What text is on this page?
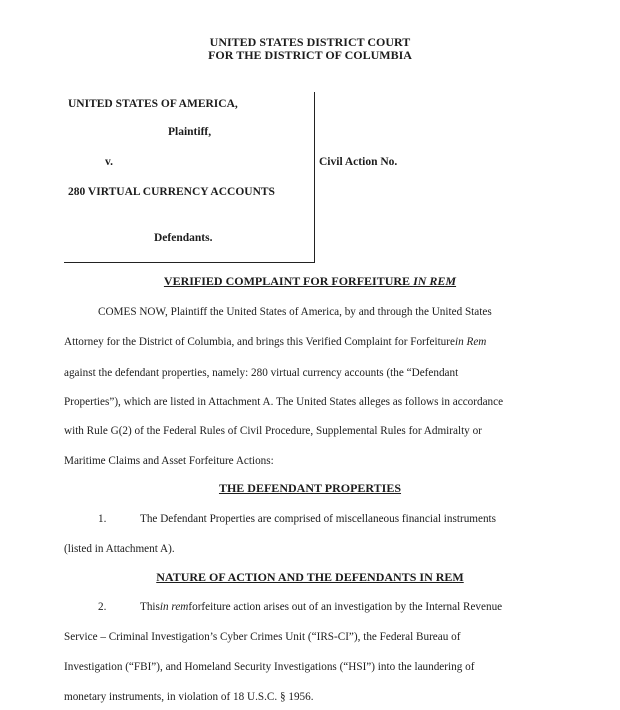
UNITED STATES DISTRICT COURT
FOR THE DISTRICT OF COLUMBIA
UNITED STATES OF AMERICA,
Plaintiff,
v.
280 VIRTUAL CURRENCY ACCOUNTS
Defendants.
Civil Action No.
VERIFIED COMPLAINT FOR FORFEITURE IN REM
COMES NOW, Plaintiff the United States of America, by and through the United States
Attorney for the District of Columbia, and brings this Verified Complaint for Forfeiturein Rem
against the defendant properties, namely: 280 virtual currency accounts (the “Defendant
Properties”), which are listed in Attachment A. The United States alleges as follows in accordance
with Rule G(2) of the Federal Rules of Civil Procedure, Supplemental Rules for Admiralty or
Maritime Claims and Asset Forfeiture Actions:
THE DEFENDANT PROPERTIES
1.	The Defendant Properties are comprised of miscellaneous financial instruments
(listed in Attachment A).
NATURE OF ACTION AND THE DEFENDANTS IN REM
2.	This in rem forfeiture action arises out of an investigation by the Internal Revenue
Service – Criminal Investigation’s Cyber Crimes Unit (“IRS-CI”), the Federal Bureau of
Investigation (“FBI”), and Homeland Security Investigations (“HSI”) into the laundering of
monetary instruments, in violation of 18 U.S.C. § 1956.
